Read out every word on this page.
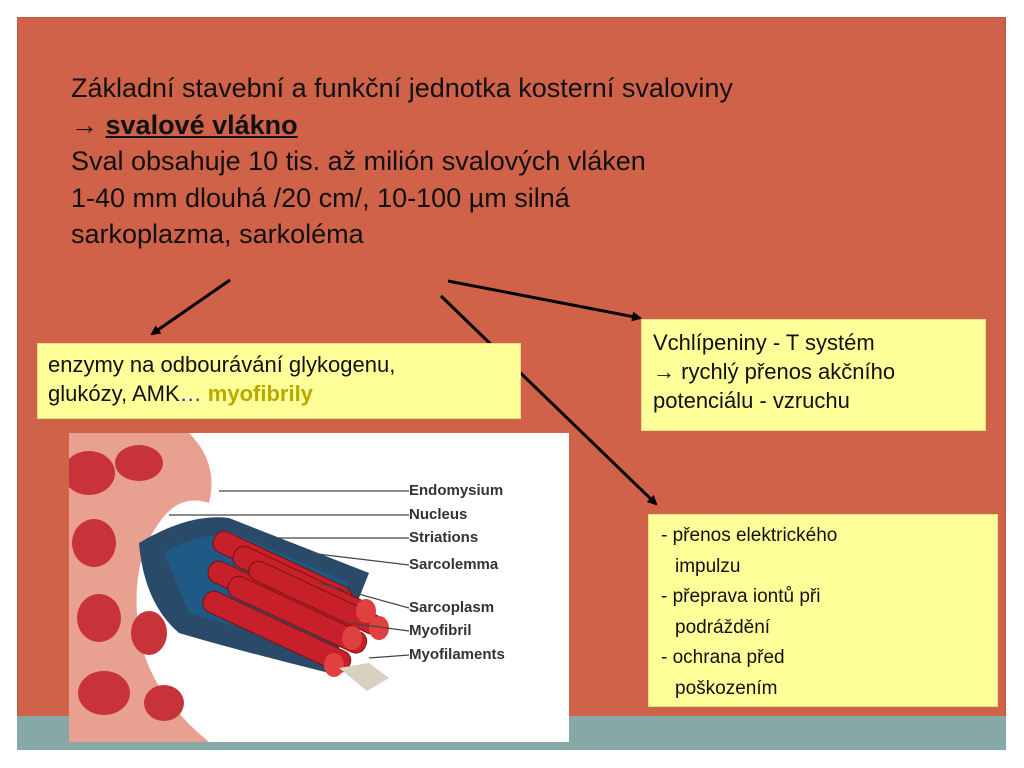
Základní stavební a funkční jednotka kosterní svaloviny
→ svalové vlákno
Sval obsahuje 10 tis. až milión svalových vláken
1-40 mm dlouhá /20 cm/, 10-100 µm silná
sarkoplazma, sarkoléma
enzymy na odbourávání glykogenu,
glukózy, AMK… myofibrily
Vchlípeniny - T systém
→ rychlý přenos akčního
potenciálu - vzruchu
- přenos elektrického
impulzu
- přeprava iontů při
podráždění
- ochrana před
poškozením
Endomysium
Nucleus
Striations
Sarcolemma
Sarcoplasm
Myofibril
Myofilaments
